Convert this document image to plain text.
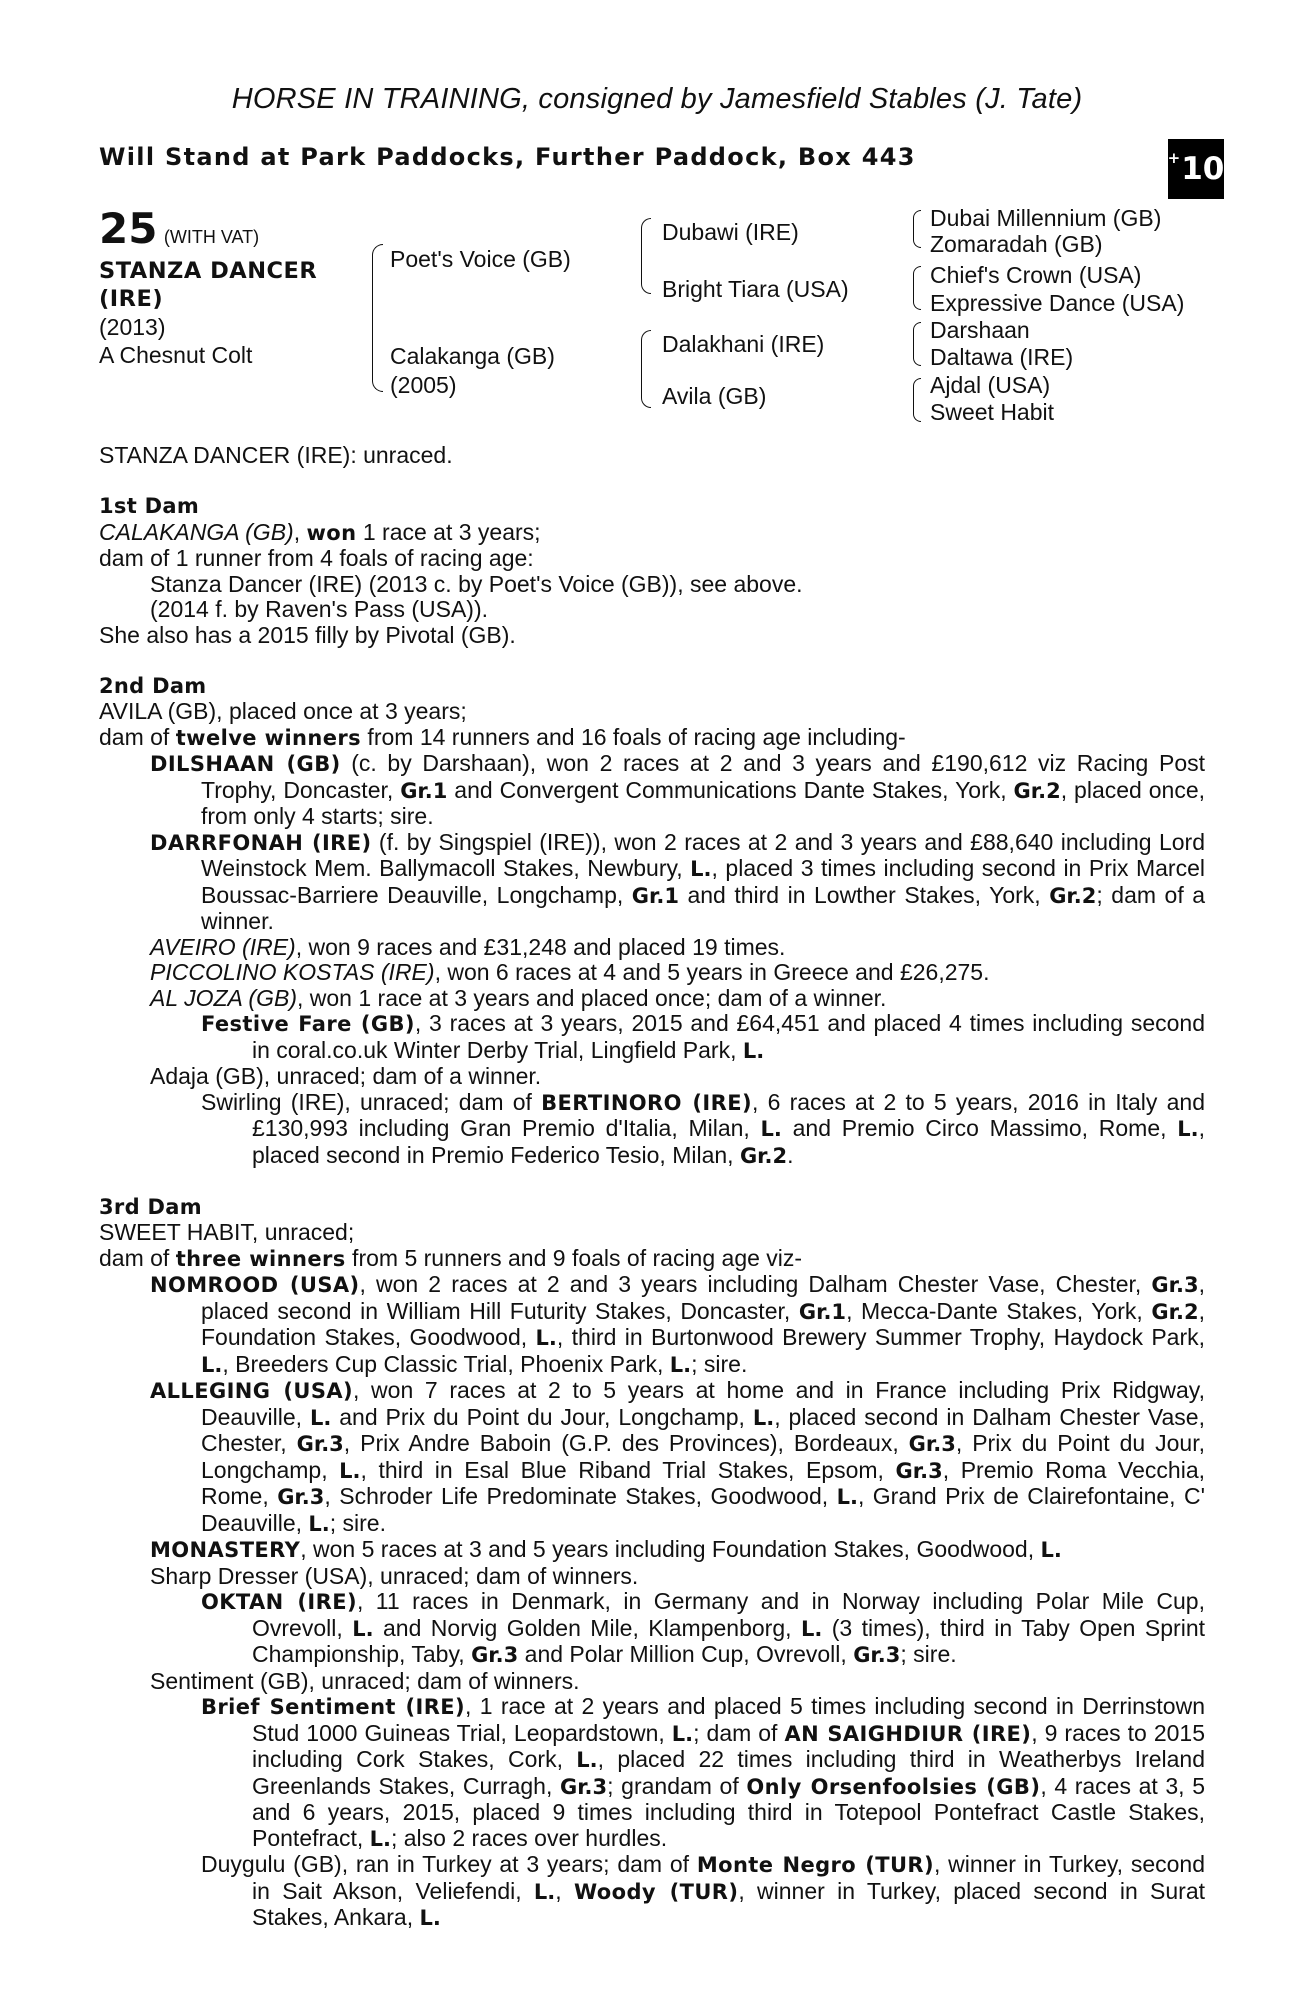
HORSE IN TRAINING, consigned by Jamesfield Stables (J. Tate)
Will Stand at Park Paddocks, Further Paddock, Box 443	+ 10
25 (WITH VAT)
STANZA DANCER
(IRE)
(2013)
A Chesnut Colt
Poet's Voice (GB)
Calakanga (GB)
(2005)
Dubawi (IRE)
Bright Tiara (USA)
Dalakhani (IRE)
Avila (GB)
Dubai Millennium (GB)
Zomaradah (GB)
Chief's Crown (USA)
Expressive Dance (USA)
Darshaan
Daltawa (IRE)
Ajdal (USA)
Sweet Habit

STANZA DANCER (IRE): unraced.

1st Dam

CALAKANGA (GB), won 1 race at 3 years;

dam of 1 runner from 4 foals of racing age:

Stanza Dancer (IRE) (2013 c. by Poet's Voice (GB)), see above.

(2014 f. by Raven's Pass (USA)).

She also has a 2015 filly by Pivotal (GB).

2nd Dam

AVILA (GB), placed once at 3 years;

dam of twelve winners from 14 runners and 16 foals of racing age including-

DILSHAAN (GB) (c. by Darshaan), won 2 races at 2 and 3 years and £190,612 viz Racing Post Trophy, Doncaster, Gr.1 and Convergent Communications Dante Stakes, York, Gr.2, placed once, from only 4 starts; sire.

DARRFONAH (IRE) (f. by Singspiel (IRE)), won 2 races at 2 and 3 years and £88,640 including Lord Weinstock Mem. Ballymacoll Stakes, Newbury, L., placed 3 times including second in Prix Marcel Boussac-Barriere Deauville, Longchamp, Gr.1 and third in Lowther Stakes, York, Gr.2; dam of a winner.

AVEIRO (IRE), won 9 races and £31,248 and placed 19 times.

PICCOLINO KOSTAS (IRE), won 6 races at 4 and 5 years in Greece and £26,275.

AL JOZA (GB), won 1 race at 3 years and placed once; dam of a winner.

Festive Fare (GB), 3 races at 3 years, 2015 and £64,451 and placed 4 times including second in coral.co.uk Winter Derby Trial, Lingfield Park, L.

Adaja (GB), unraced; dam of a winner.

Swirling (IRE), unraced; dam of BERTINORO (IRE), 6 races at 2 to 5 years, 2016 in Italy and £130,993 including Gran Premio d'Italia, Milan, L. and Premio Circo Massimo, Rome, L., placed second in Premio Federico Tesio, Milan, Gr.2.

3rd Dam

SWEET HABIT, unraced;

dam of three winners from 5 runners and 9 foals of racing age viz-

NOMROOD (USA), won 2 races at 2 and 3 years including Dalham Chester Vase, Chester, Gr.3, placed second in William Hill Futurity Stakes, Doncaster, Gr.1, Mecca-Dante Stakes, York, Gr.2, Foundation Stakes, Goodwood, L., third in Burtonwood Brewery Summer Trophy, Haydock Park, L., Breeders Cup Classic Trial, Phoenix Park, L.; sire.

ALLEGING (USA), won 7 races at 2 to 5 years at home and in France including Prix Ridgway, Deauville, L. and Prix du Point du Jour, Longchamp, L., placed second in Dalham Chester Vase, Chester, Gr.3, Prix Andre Baboin (G.P. des Provinces), Bordeaux, Gr.3, Prix du Point du Jour, Longchamp, L., third in Esal Blue Riband Trial Stakes, Epsom, Gr.3, Premio Roma Vecchia, Rome, Gr.3, Schroder Life Predominate Stakes, Goodwood, L., Grand Prix de Clairefontaine, C' Deauville, L.; sire.

MONASTERY, won 5 races at 3 and 5 years including Foundation Stakes, Goodwood, L.

Sharp Dresser (USA), unraced; dam of winners.

OKTAN (IRE), 11 races in Denmark, in Germany and in Norway including Polar Mile Cup, Ovrevoll, L. and Norvig Golden Mile, Klampenborg, L. (3 times), third in Taby Open Sprint Championship, Taby, Gr.3 and Polar Million Cup, Ovrevoll, Gr.3; sire.

Sentiment (GB), unraced; dam of winners.

Brief Sentiment (IRE), 1 race at 2 years and placed 5 times including second in Derrinstown Stud 1000 Guineas Trial, Leopardstown, L.; dam of AN SAIGHDIUR (IRE), 9 races to 2015 including Cork Stakes, Cork, L., placed 22 times including third in Weatherbys Ireland Greenlands Stakes, Curragh, Gr.3; grandam of Only Orsenfoolsies (GB), 4 races at 3, 5 and 6 years, 2015, placed 9 times including third in Totepool Pontefract Castle Stakes, Pontefract, L.; also 2 races over hurdles.

Duygulu (GB), ran in Turkey at 3 years; dam of Monte Negro (TUR), winner in Turkey, second in Sait Akson, Veliefendi, L., Woody (TUR), winner in Turkey, placed second in Surat Stakes, Ankara, L.
